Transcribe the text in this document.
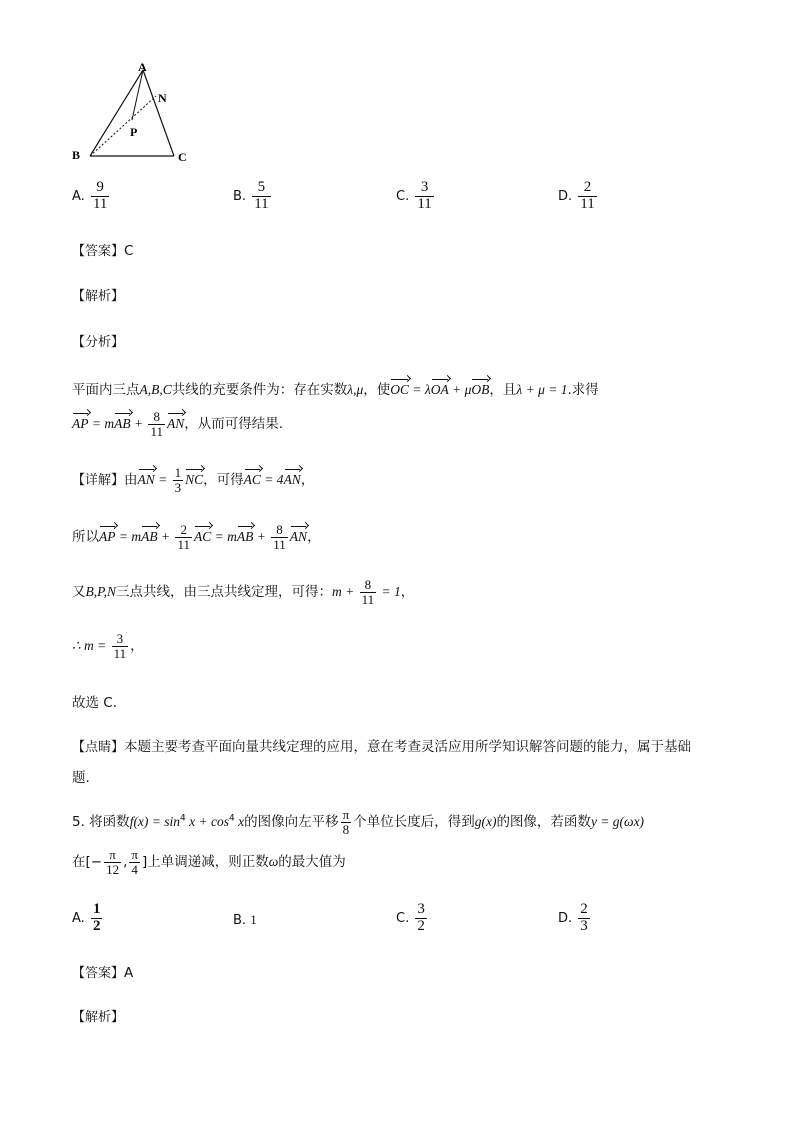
A
N
P
B	C
A. $\frac{9}{11}$	B. $\frac{5}{11}$	C. $\frac{3}{11}$	D. $\frac{2}{11}$
【答案】C
【解析】
【分析】
平面内三点A,B,C共线的充要条件为：存在实数λ,μ，使OC = λOA + μOB，且λ + μ = 1.求得
AP = mAB + $\frac{8}{11}$ AN，从而可得结果.
【详解】由AN = $\frac{1}{3}$ NC，可得AC = 4AN，
所以AP = mAB + $\frac{2}{11}$ AC = mAB + $\frac{8}{11}$ AN，
又B,P,N三点共线，由三点共线定理，可得：$m + \frac{8}{11} = 1$，
∴ $m = \frac{3}{11}$ ，
故选 C.
【点睛】本题主要考查平面向量共线定理的应用，意在考查灵活应用所学知识解答问题的能力，属于基础
题.
5. 将函数$f(x) = \sin^4 x + \cos^4 x$的图像向左平移 $\frac{\pi}{8}$ 个单位长度后，得到g(x)的图像，若函数y = g(ωx)
在[− $\frac{\pi}{12}$ , $\frac{\pi}{4}$ ]上单调递减，则正数ω的最大值为
A. $\frac{1}{2}$	B. 1	C. $\frac{3}{2}$	D. $\frac{2}{3}$
【答案】A
【解析】
